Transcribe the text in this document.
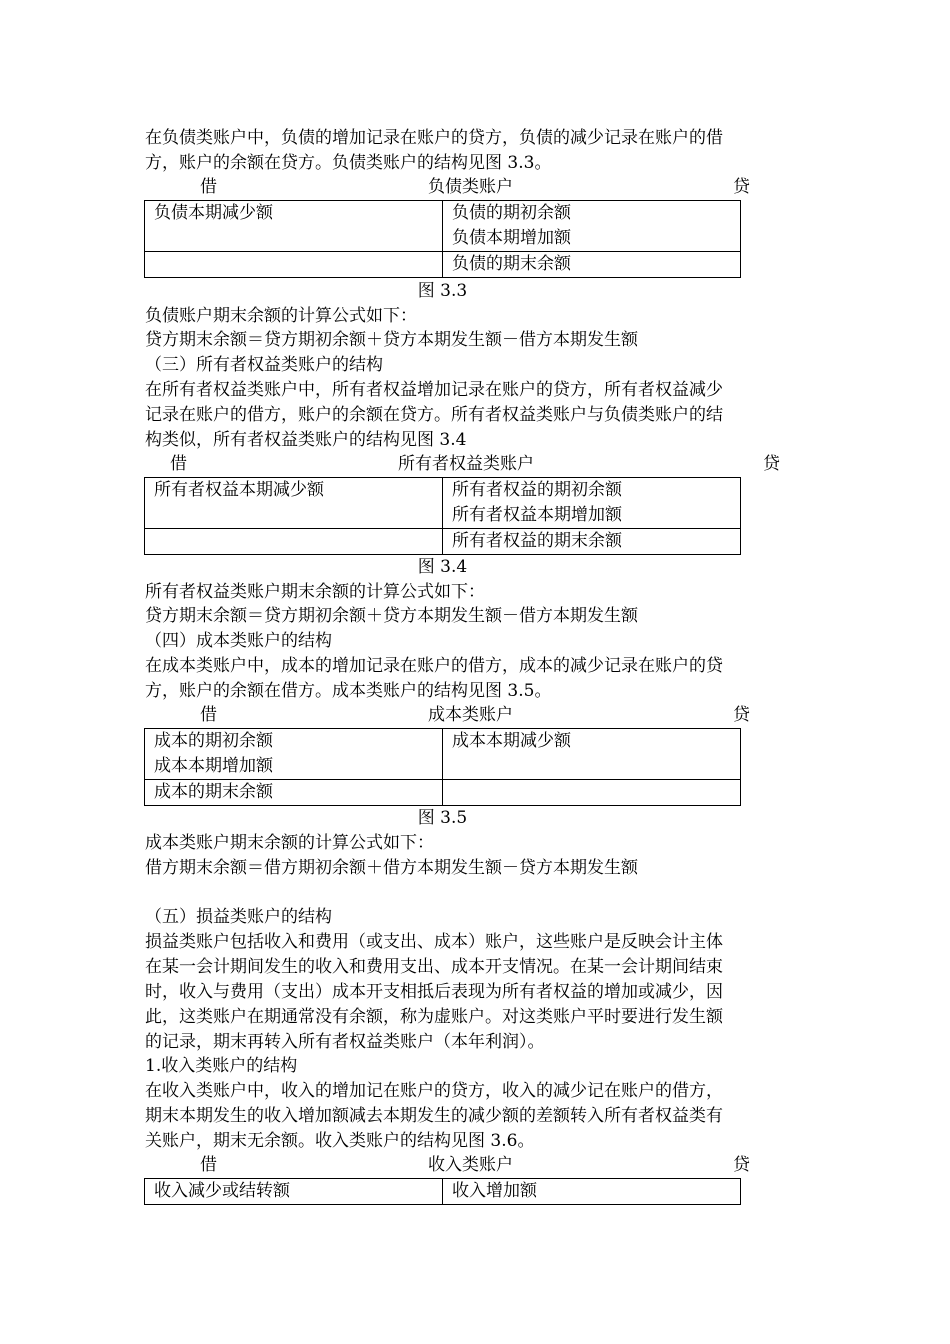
在负债类账户中，负债的增加记录在账户的贷方，负债的减少记录在账户的借
方，账户的余额在贷方。负债类账户的结构见图 3.3。
借	负债类账户	贷
负债本期减少额	负债的期初余额
负债本期增加额

	负债的期末余额
图 3.3
负债账户期末余额的计算公式如下：
贷方期末余额＝贷方期初余额＋贷方本期发生额－借方本期发生额
（三）所有者权益类账户的结构
在所有者权益类账户中，所有者权益增加记录在账户的贷方，所有者权益减少
记录在账户的借方，账户的余额在贷方。所有者权益类账户与负债类账户的结
构类似，所有者权益类账户的结构见图 3.4
借	所有者权益类账户	贷
所有者权益本期减少额	所有者权益的期初余额
所有者权益本期增加额

	所有者权益的期末余额
图 3.4
所有者权益类账户期末余额的计算公式如下：
贷方期末余额＝贷方期初余额＋贷方本期发生额－借方本期发生额
（四）成本类账户的结构
在成本类账户中，成本的增加记录在账户的借方，成本的减少记录在账户的贷
方，账户的余额在借方。成本类账户的结构见图 3.5。
借	成本类账户	贷
成本的期初余额
成本本期增加额	成本本期减少额

成本的期末余额	
图 3.5
成本类账户期末余额的计算公式如下：
借方期末余额＝借方期初余额＋借方本期发生额－贷方本期发生额
（五）损益类账户的结构
损益类账户包括收入和费用（或支出、成本）账户，这些账户是反映会计主体
在某一会计期间发生的收入和费用支出、成本开支情况。在某一会计期间结束
时，收入与费用（支出）成本开支相抵后表现为所有者权益的增加或减少，因
此，这类账户在期通常没有余额，称为虚账户。对这类账户平时要进行发生额
的记录，期末再转入所有者权益类账户（本年利润）。
1.收入类账户的结构
在收入类账户中，收入的增加记在账户的贷方，收入的减少记在账户的借方，
期末本期发生的收入增加额减去本期发生的减少额的差额转入所有者权益类有
关账户，期末无余额。收入类账户的结构见图 3.6。
借	收入类账户	贷
收入减少或结转额	收入增加额
